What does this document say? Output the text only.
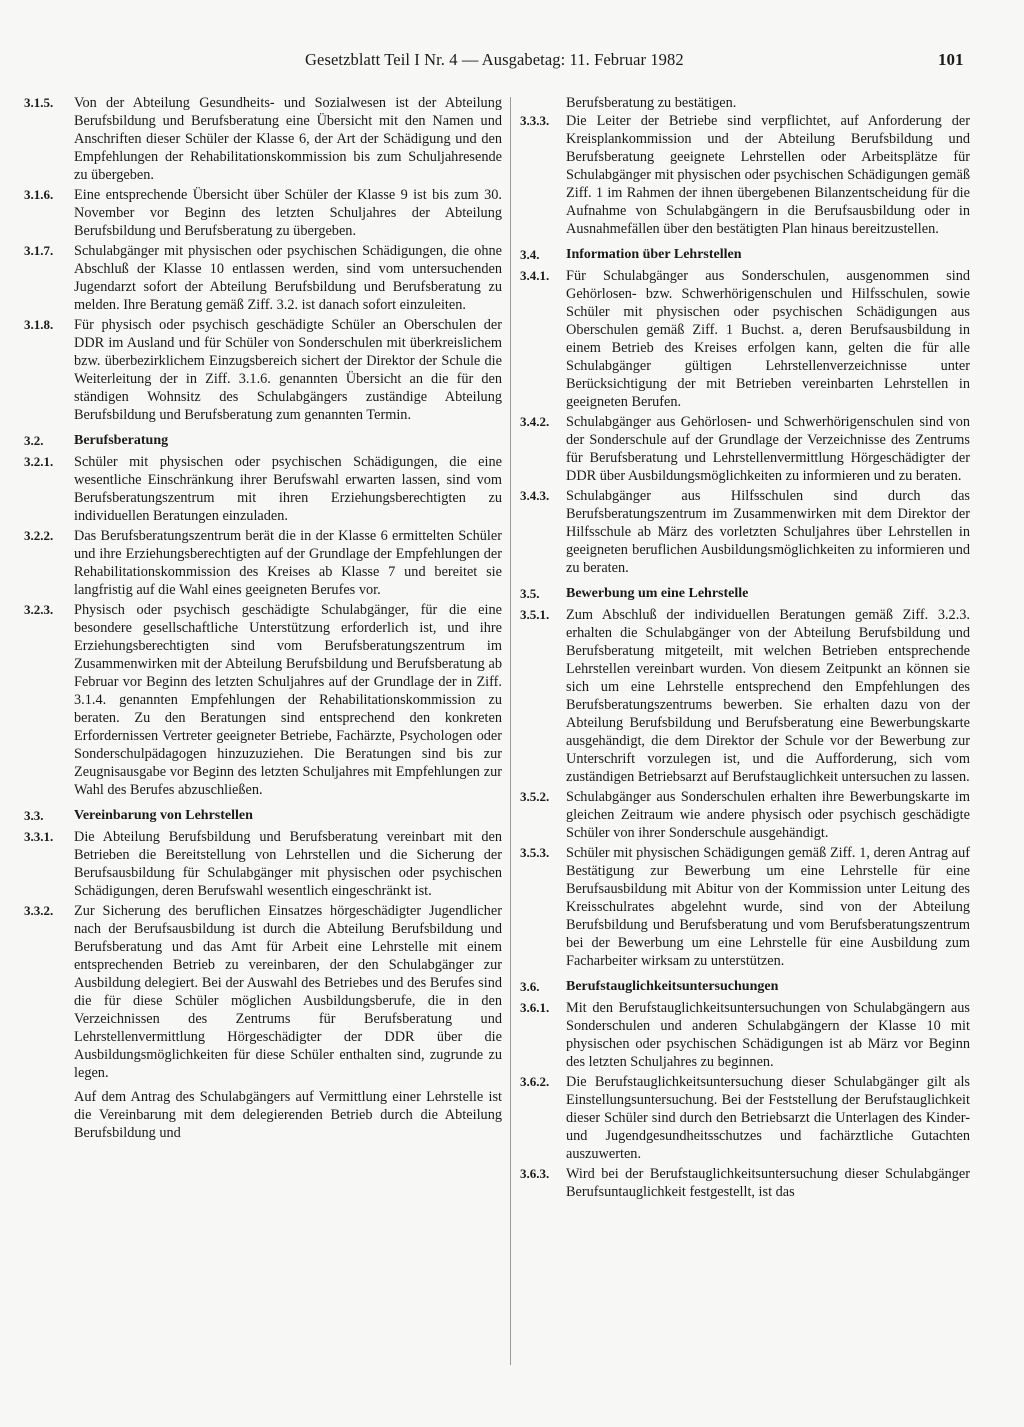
Gesetzblatt Teil I Nr. 4 — Ausgabetag: 11. Februar 1982	101
3.1.5.	Von der Abteilung Gesundheits- und Sozialwesen ist der Abteilung Berufsbildung und Berufsberatung eine Übersicht mit den Namen und Anschriften dieser Schüler der Klasse 6, der Art der Schädigung und den Empfehlungen der Rehabilitationskommission bis zum Schuljahresende zu übergeben.
3.1.6.	Eine entsprechende Übersicht über Schüler der Klasse 9 ist bis zum 30. November vor Beginn des letzten Schuljahres der Abteilung Berufsbildung und Berufsberatung zu übergeben.
3.1.7.	Schulabgänger mit physischen oder psychischen Schädigungen, die ohne Abschluß der Klasse 10 entlassen werden, sind vom untersuchenden Jugendarzt sofort der Abteilung Berufsbildung und Berufsberatung zu melden. Ihre Beratung gemäß Ziff. 3.2. ist danach sofort einzuleiten.
3.1.8.	Für physisch oder psychisch geschädigte Schüler an Oberschulen der DDR im Ausland und für Schüler von Sonderschulen mit überkreislichem bzw. überbezirklichem Einzugsbereich sichert der Direktor der Schule die Weiterleitung der in Ziff. 3.1.6. genannten Übersicht an die für den ständigen Wohnsitz des Schulabgängers zuständige Abteilung Berufsbildung und Berufsberatung zum genannten Termin.
3.2.	Berufsberatung
3.2.1.	Schüler mit physischen oder psychischen Schädigungen, die eine wesentliche Einschränkung ihrer Berufswahl erwarten lassen, sind vom Berufsberatungszentrum mit ihren Erziehungsberechtigten zu individuellen Beratungen einzuladen.
3.2.2.	Das Berufsberatungszentrum berät die in der Klasse 6 ermittelten Schüler und ihre Erziehungsberechtigten auf der Grundlage der Empfehlungen der Rehabilitationskommission des Kreises ab Klasse 7 und bereitet sie langfristig auf die Wahl eines geeigneten Berufes vor.
3.2.3.	Physisch oder psychisch geschädigte Schulabgänger, für die eine besondere gesellschaftliche Unterstützung erforderlich ist, und ihre Erziehungsberechtigten sind vom Berufsberatungszentrum im Zusammenwirken mit der Abteilung Berufsbildung und Berufsberatung ab Februar vor Beginn des letzten Schuljahres auf der Grundlage der in Ziff. 3.1.4. genannten Empfehlungen der Rehabilitationskommission zu beraten. Zu den Beratungen sind entsprechend den konkreten Erfordernissen Vertreter geeigneter Betriebe, Fachärzte, Psychologen oder Sonderschulpädagogen hinzuzuziehen. Die Beratungen sind bis zur Zeugnisausgabe vor Beginn des letzten Schuljahres mit Empfehlungen zur Wahl des Berufes abzuschließen.
3.3.	Vereinbarung von Lehrstellen
3.3.1.	Die Abteilung Berufsbildung und Berufsberatung vereinbart mit den Betrieben die Bereitstellung von Lehrstellen und die Sicherung der Berufsausbildung für Schulabgänger mit physischen oder psychischen Schädigungen, deren Berufswahl wesentlich eingeschränkt ist.
3.3.2.	Zur Sicherung des beruflichen Einsatzes hörgeschädigter Jugendlicher nach der Berufsausbildung ist durch die Abteilung Berufsbildung und Berufsberatung und das Amt für Arbeit eine Lehrstelle mit einem entsprechenden Betrieb zu vereinbaren, der den Schulabgänger zur Ausbildung delegiert. Bei der Auswahl des Betriebes und des Berufes sind die für diese Schüler möglichen Ausbildungsberufe, die in den Verzeichnissen des Zentrums für Berufsberatung und Lehrstellenvermittlung Hörgeschädigter der DDR über die Ausbildungsmöglichkeiten für diese Schüler enthalten sind, zugrunde zu legen.
Auf dem Antrag des Schulabgängers auf Vermittlung einer Lehrstelle ist die Vereinbarung mit dem delegierenden Betrieb durch die Abteilung Berufsbildung und
Berufsberatung zu bestätigen.
3.3.3.	Die Leiter der Betriebe sind verpflichtet, auf Anforderung der Kreisplankommission und der Abteilung Berufsbildung und Berufsberatung geeignete Lehrstellen oder Arbeitsplätze für Schulabgänger mit physischen oder psychischen Schädigungen gemäß Ziff. 1 im Rahmen der ihnen übergebenen Bilanzentscheidung für die Aufnahme von Schulabgängern in die Berufsausbildung oder in Ausnahmefällen über den bestätigten Plan hinaus bereitzustellen.
3.4.	Information über Lehrstellen
3.4.1.	Für Schulabgänger aus Sonderschulen, ausgenommen sind Gehörlosen- bzw. Schwerhörigenschulen und Hilfsschulen, sowie Schüler mit physischen oder psychischen Schädigungen aus Oberschulen gemäß Ziff. 1 Buchst. a, deren Berufsausbildung in einem Betrieb des Kreises erfolgen kann, gelten die für alle Schulabgänger gültigen Lehrstellenverzeichnisse unter Berücksichtigung der mit Betrieben vereinbarten Lehrstellen in geeigneten Berufen.
3.4.2.	Schulabgänger aus Gehörlosen- und Schwerhörigenschulen sind von der Sonderschule auf der Grundlage der Verzeichnisse des Zentrums für Berufsberatung und Lehrstellenvermittlung Hörgeschädigter der DDR über Ausbildungsmöglichkeiten zu informieren und zu beraten.
3.4.3.	Schulabgänger aus Hilfsschulen sind durch das Berufsberatungszentrum im Zusammenwirken mit dem Direktor der Hilfsschule ab März des vorletzten Schuljahres über Lehrstellen in geeigneten beruflichen Ausbildungsmöglichkeiten zu informieren und zu beraten.
3.5.	Bewerbung um eine Lehrstelle
3.5.1.	Zum Abschluß der individuellen Beratungen gemäß Ziff. 3.2.3. erhalten die Schulabgänger von der Abteilung Berufsbildung und Berufsberatung mitgeteilt, mit welchen Betrieben entsprechende Lehrstellen vereinbart wurden. Von diesem Zeitpunkt an können sie sich um eine Lehrstelle entsprechend den Empfehlungen des Berufsberatungszentrums bewerben. Sie erhalten dazu von der Abteilung Berufsbildung und Berufsberatung eine Bewerbungskarte ausgehändigt, die dem Direktor der Schule vor der Bewerbung zur Unterschrift vorzulegen ist, und die Aufforderung, sich vom zuständigen Betriebsarzt auf Berufstauglichkeit untersuchen zu lassen.
3.5.2.	Schulabgänger aus Sonderschulen erhalten ihre Bewerbungskarte im gleichen Zeitraum wie andere physisch oder psychisch geschädigte Schüler von ihrer Sonderschule ausgehändigt.
3.5.3.	Schüler mit physischen Schädigungen gemäß Ziff. 1, deren Antrag auf Bestätigung zur Bewerbung um eine Lehrstelle für eine Berufsausbildung mit Abitur von der Kommission unter Leitung des Kreisschulrates abgelehnt wurde, sind von der Abteilung Berufsbildung und Berufsberatung und vom Berufsberatungszentrum bei der Bewerbung um eine Lehrstelle für eine Ausbildung zum Facharbeiter wirksam zu unterstützen.
3.6.	Berufstauglichkeitsuntersuchungen
3.6.1.	Mit den Berufstauglichkeitsuntersuchungen von Schulabgängern aus Sonderschulen und anderen Schulabgängern der Klasse 10 mit physischen oder psychischen Schädigungen ist ab März vor Beginn des letzten Schuljahres zu beginnen.
3.6.2.	Die Berufstauglichkeitsuntersuchung dieser Schulabgänger gilt als Einstellungsuntersuchung. Bei der Feststellung der Berufstauglichkeit dieser Schüler sind durch den Betriebsarzt die Unterlagen des Kinder- und Jugendgesundheitsschutzes und fachärztliche Gutachten auszuwerten.
3.6.3.	Wird bei der Berufstauglichkeitsuntersuchung dieser Schulabgänger Berufsuntauglichkeit festgestellt, ist das
